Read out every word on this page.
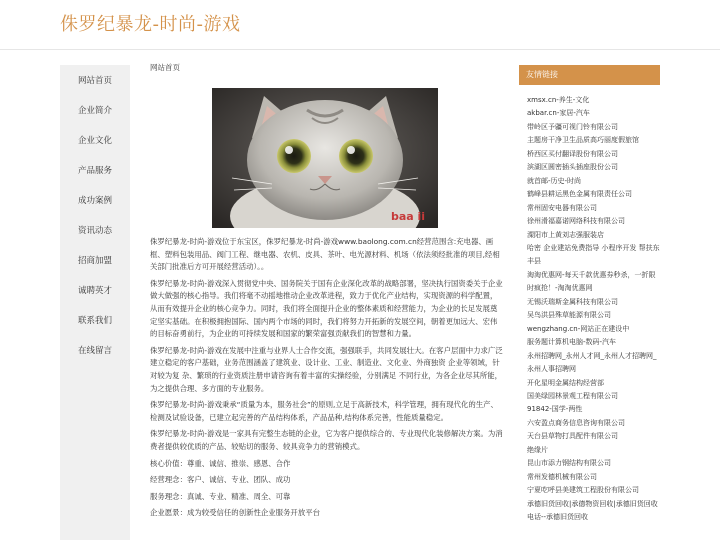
侏罗纪暴龙-时尚-游戏
网站首页
企业简介
企业文化
产品服务
成功案例
资讯动态
招商加盟
诚聘英才
联系我们
在线留言
网站首页
baa ii

侏罗纪暴龙-时尚-游戏位于东宝区，侏罗纪暴龙-时尚-游戏www.baolong.com.cn经营范围含:充电器、画框、塑料包装用品、阀门工程、继电器、农机、皮具、茶叶、电光源材料、机场（依法须经批准的项目,经相关部门批准后方可开展经营活动）。。

侏罗纪暴龙-时尚-游戏深入贯彻党中央、国务院关于国有企业深化改革的战略部署，坚决执行国资委关于企业做大做强的核心指导。我们将毫不动摇地推动企业改革进程，致力于优化产业结构，实现资源的科学配置，从而有效提升企业的核心竞争力。同时，我们将全面提升企业的整体素质和经营能力，为企业的长足发展奠定坚实基础。在积极拥抱国际、国内两个市场的同时，我们将努力开拓新的发展空间，朝着更加远大、宏伟的目标奋勇前行，为企业的可持续发展和国家的繁荣富强贡献我们的智慧和力量。

侏罗纪暴龙-时尚-游戏在发展中注重与业界人士合作交流，强强联手，共同发展壮大。在客户层面中力求广泛 建立稳定的客户基础，业务范围涵盖了建筑业、设计业、工业、制造业、文化业、外商独资 企业等领域，针对较为复 杂、繁琐的行业资质注册申请咨询有着丰富的实操经验，分别满足 不同行业，为各企业尽其所能，为之提供合理、多方面的专业服务。

侏罗纪暴龙-时尚-游戏秉承“质量为本，服务社会”的原则,立足于高新技术，科学管理，拥有现代化的生产、检测及试验设备，已建立起完善的产品结构体系，产品品种,结构体系完善，性能质量稳定。

侏罗纪暴龙-时尚-游戏是一家具有完整生态链的企业，它为客户提供综合的、专业现代化装修解决方案。为消费者提供较优质的产品、较贴切的服务、较具竞争力的营销模式。

核心价值：尊重、诚信、推崇、感恩、合作

经营理念：客户、诚信、专业、团队、成功

服务理念：真诚、专业、精准、周全、可靠

企业愿景：成为较受信任的创新性企业服务开放平台

友情链接
xmsx.cn-养生-文化
akbar.cn-家居-汽车
带岭区予疆可视门铃有限公司
主题房干净卫生品质高巧丽度假旅馆
桥西区买付翻译股份有限公司
滨湖区圆密插头插座股份公司
就首邮-历史-时尚
鹤峰县耕运黑色金属有限责任公司
常州固安电器有限公司
徐州滑福嘉诺网络科技有限公司
溧阳市上黄刘志强服装店
哈密 企业建站免费指导 小程序开发 帮扶东丰县
淘淘优惠网-每天千款优惠券秒杀，一折限时疯抢！-淘淘优惠网
无锡沃瑞斯金属科技有限公司
吴鸟洪县殊草能源有限公司
wengzhang.cn-网站正在建设中
服务题计算机电脑-数码-汽车
永州招聘网_永州人才网_永州人才招聘网_永州人事招聘网
开化星明金属结构经营部
国美绿园林景观工程有限公司
91842-国学-两性
六安盈点商务信息咨询有限公司
天台县草物打具配件有限公司
绝缘片
昆山市添力钢结构有限公司
常州发德机械有限公司
宁夏吃呼县美建筑工程股份有限公司
承德旧货回收|承德物资回收|承德旧货回收电话--承德旧货回收
